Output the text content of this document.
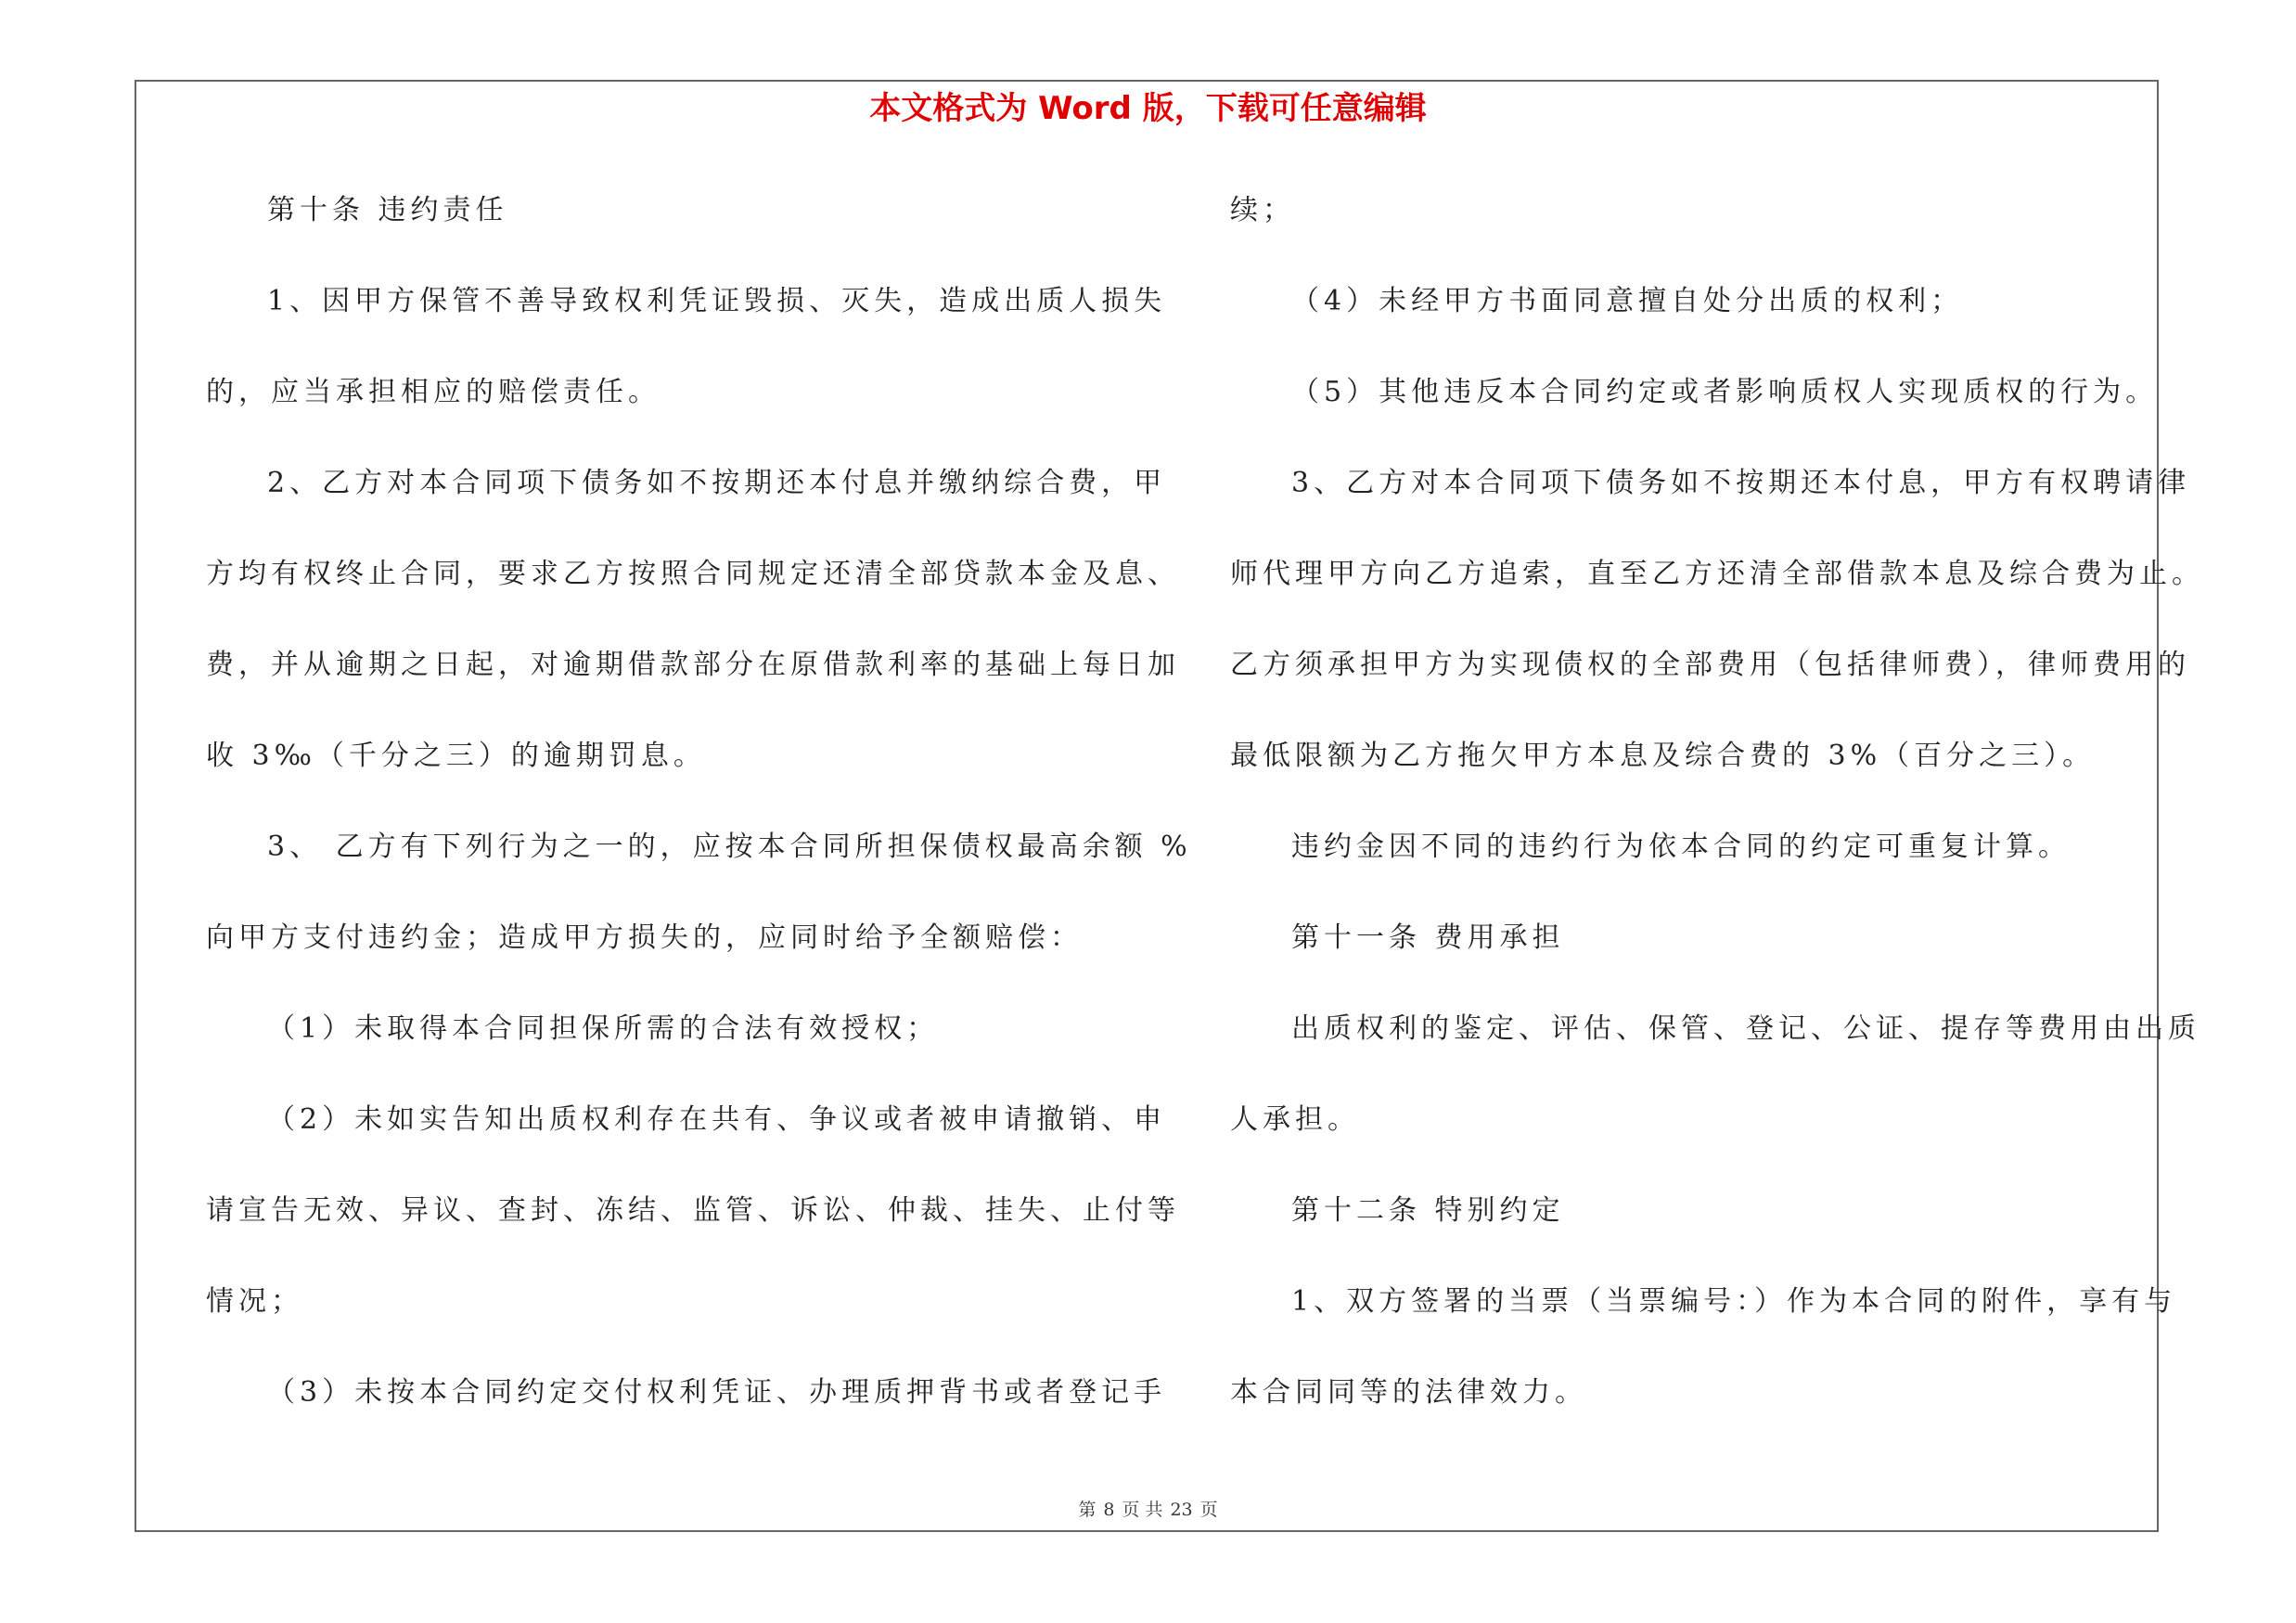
本文格式为 Word 版，下载可任意编辑
第十条 违约责任
1、因甲方保管不善导致权利凭证毁损、灭失，造成出质人损失
的，应当承担相应的赔偿责任。
2、乙方对本合同项下债务如不按期还本付息并缴纳综合费，甲
方均有权终止合同，要求乙方按照合同规定还清全部贷款本金及息、
费，并从逾期之日起，对逾期借款部分在原借款利率的基础上每日加
收 3‰（千分之三）的逾期罚息。
3、 乙方有下列行为之一的，应按本合同所担保债权最高余额 %
向甲方支付违约金；造成甲方损失的，应同时给予全额赔偿：
（1）未取得本合同担保所需的合法有效授权；
（2）未如实告知出质权利存在共有、争议或者被申请撤销、申
请宣告无效、异议、查封、冻结、监管、诉讼、仲裁、挂失、止付等
情况；
（3）未按本合同约定交付权利凭证、办理质押背书或者登记手
续；
（4）未经甲方书面同意擅自处分出质的权利；
（5）其他违反本合同约定或者影响质权人实现质权的行为。
3、乙方对本合同项下债务如不按期还本付息，甲方有权聘请律
师代理甲方向乙方追索，直至乙方还清全部借款本息及综合费为止。
乙方须承担甲方为实现债权的全部费用（包括律师费），律师费用的
最低限额为乙方拖欠甲方本息及综合费的 3%（百分之三）。
违约金因不同的违约行为依本合同的约定可重复计算。
第十一条 费用承担
出质权利的鉴定、评估、保管、登记、公证、提存等费用由出质
人承担。
第十二条 特别约定
1、双方签署的当票（当票编号：）作为本合同的附件，享有与
本合同同等的法律效力。
第 8 页 共 23 页
